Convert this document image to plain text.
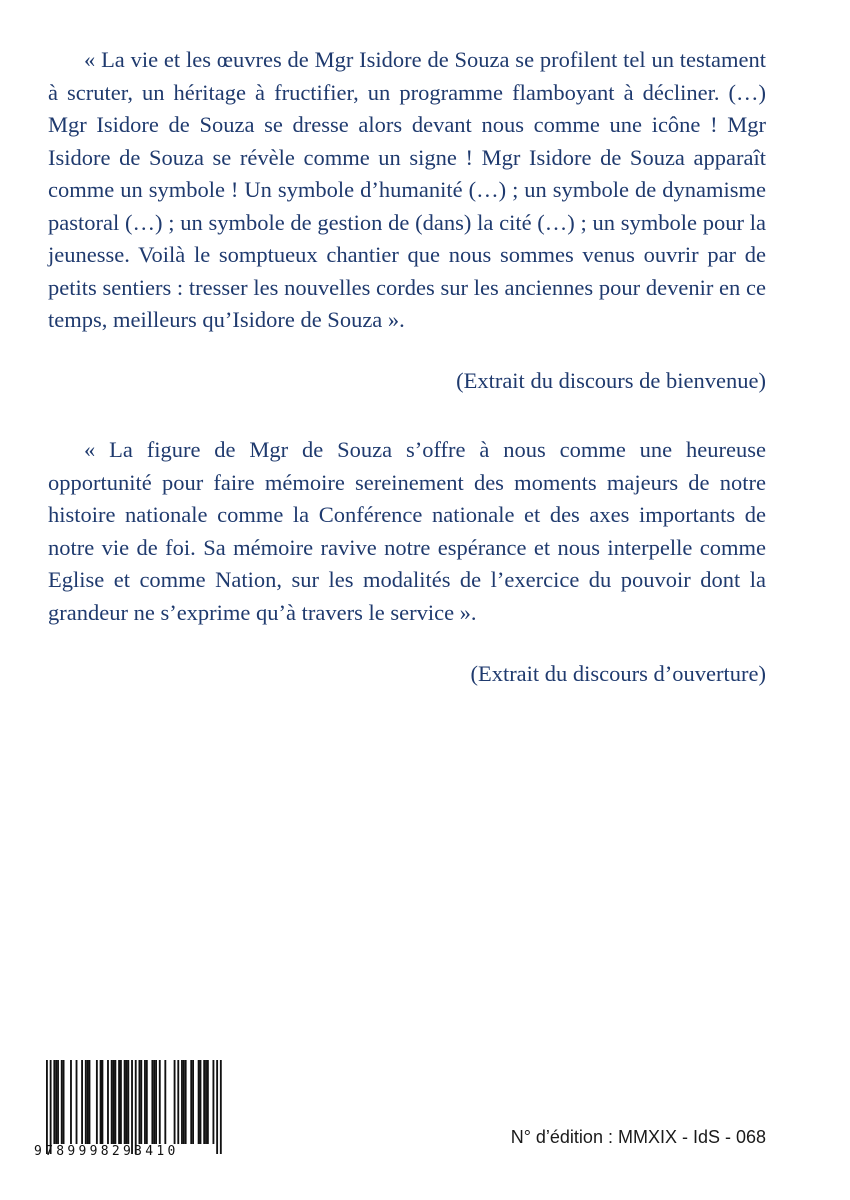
« La vie et les œuvres de Mgr Isidore de Souza se profilent tel un testament à scruter, un héritage à fructifier, un programme flamboyant à décliner. (…) Mgr Isidore de Souza se dresse alors devant nous comme une icône ! Mgr Isidore de Souza se révèle comme un signe ! Mgr Isidore de Souza apparaît comme un symbole ! Un symbole d’humanité (…) ; un symbole de dynamisme pastoral (…) ; un symbole de gestion de (dans) la cité (…) ; un symbole pour la jeunesse. Voilà le somptueux chantier que nous sommes venus ouvrir par de petits sentiers : tresser les nouvelles cordes sur les anciennes pour devenir en ce temps, meilleurs qu’Isidore de Souza ».

(Extrait du discours de bienvenue)

« La figure de Mgr de Souza s’offre à nous comme une heureuse opportunité pour faire mémoire sereinement des moments majeurs de notre histoire nationale comme la Conférence nationale et des axes importants de notre vie de foi. Sa mémoire ravive notre espérance et nous interpelle comme Eglise et comme Nation, sur les modalités de l’exercice du pouvoir dont la grandeur ne s’exprime qu’à travers le service ».

(Extrait du discours d’ouverture)

9789998293410

N° d’édition : MMXIX - IdS - 068
